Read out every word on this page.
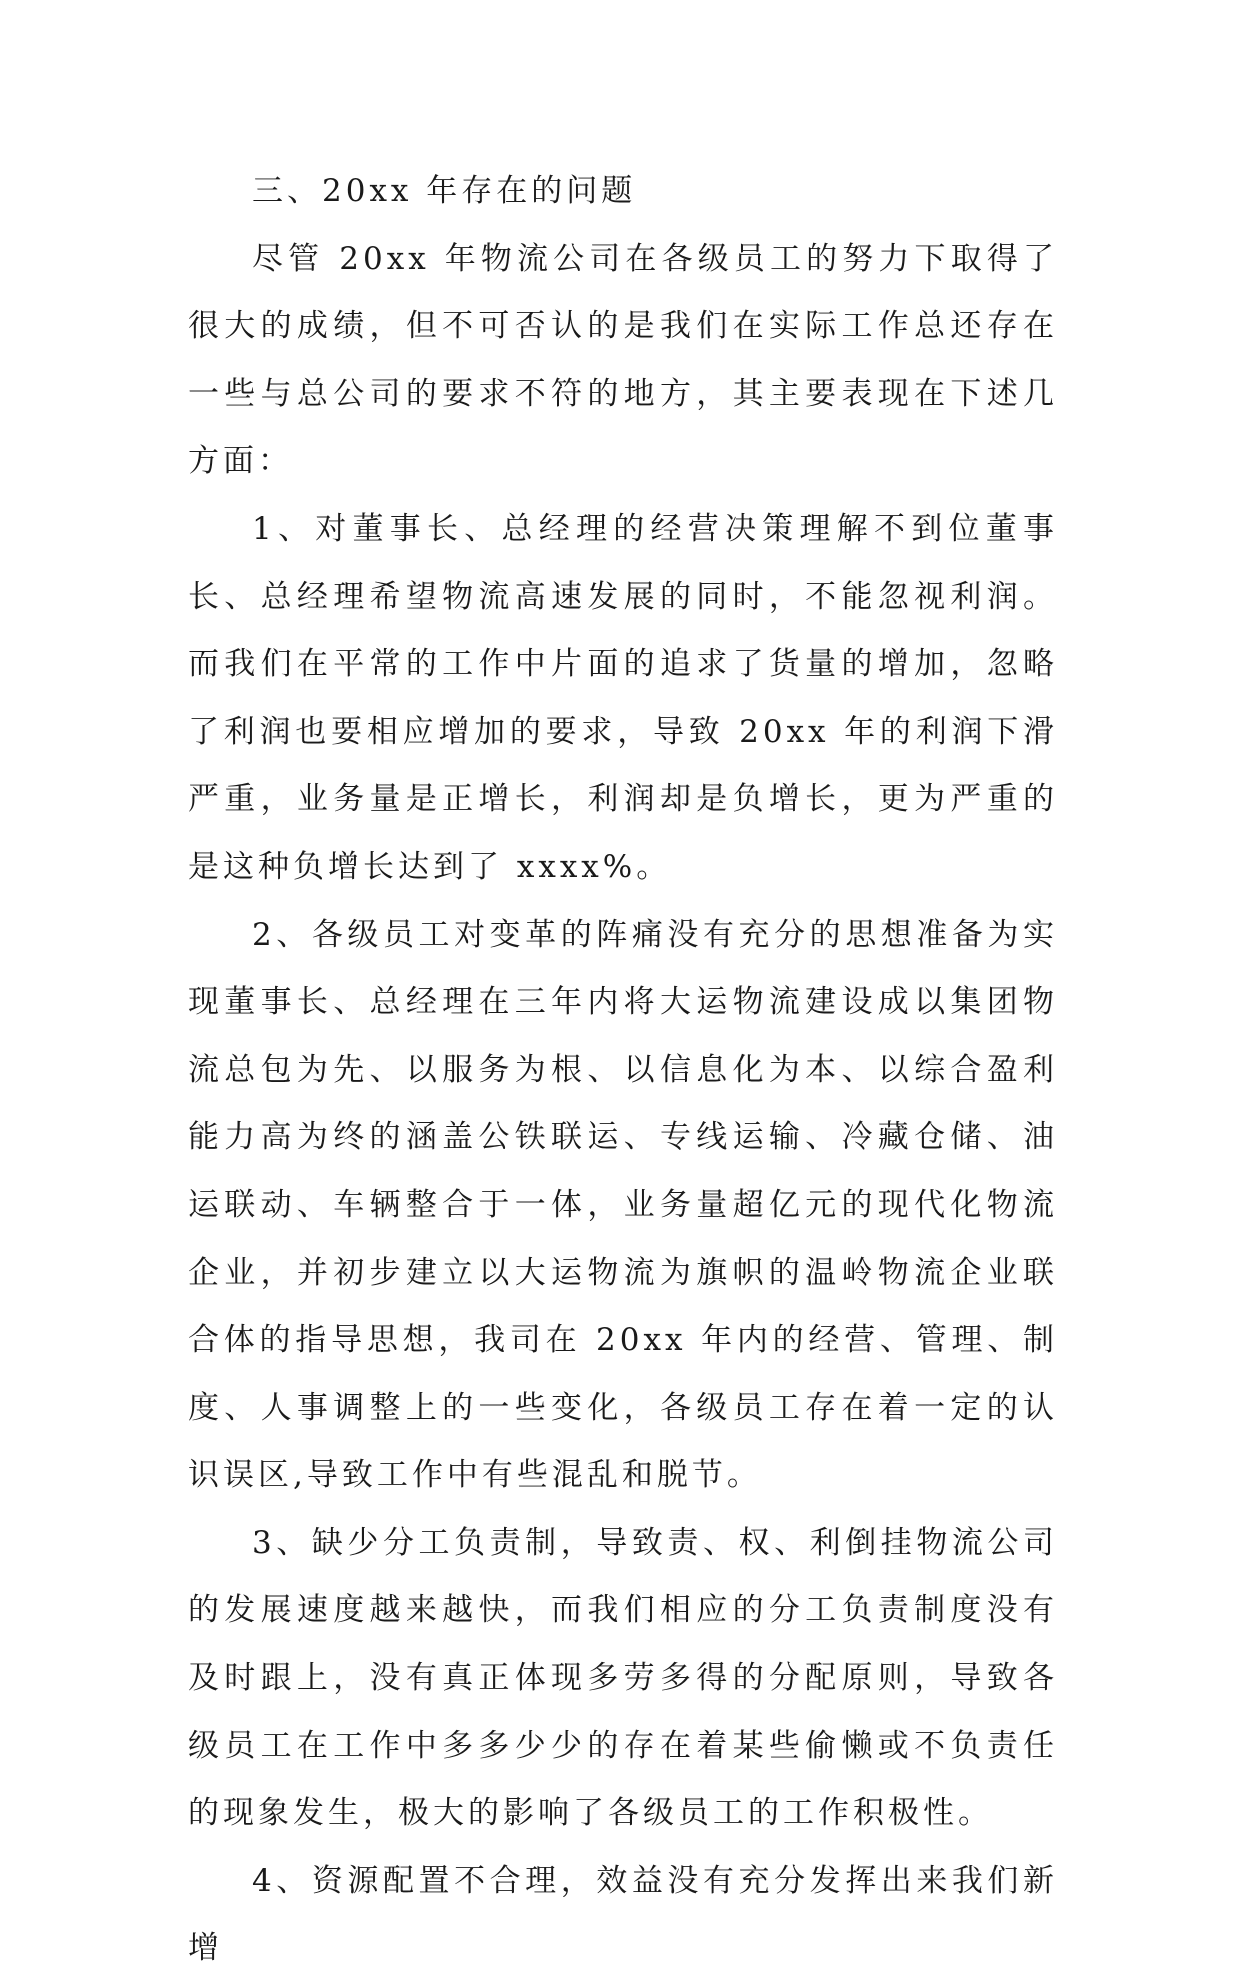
三、20xx 年存在的问题

尽管 20xx 年物流公司在各级员工的努力下取得了很大的成绩，但不可否认的是我们在实际工作总还存在一些与总公司的要求不符的地方，其主要表现在下述几方面：

1、对董事长、总经理的经营决策理解不到位董事长、总经理希望物流高速发展的同时，不能忽视利润。而我们在平常的工作中片面的追求了货量的增加，忽略了利润也要相应增加的要求，导致 20xx 年的利润下滑严重，业务量是正增长，利润却是负增长，更为严重的是这种负增长达到了 xxxx%。

2、各级员工对变革的阵痛没有充分的思想准备为实现董事长、总经理在三年内将大运物流建设成以集团物流总包为先、以服务为根、以信息化为本、以综合盈利能力高为终的涵盖公铁联运、专线运输、冷藏仓储、油运联动、车辆整合于一体，业务量超亿元的现代化物流企业，并初步建立以大运物流为旗帜的温岭物流企业联合体的指导思想，我司在 20xx 年内的经营、管理、制度、人事调整上的一些变化，各级员工存在着一定的认识误区,导致工作中有些混乱和脱节。

3、缺少分工负责制，导致责、权、利倒挂物流公司的发展速度越来越快，而我们相应的分工负责制度没有及时跟上，没有真正体现多劳多得的分配原则，导致各级员工在工作中多多少少的存在着某些偷懒或不负责任的现象发生，极大的影响了各级员工的工作积极性。

4、资源配置不合理，效益没有充分发挥出来我们新增
